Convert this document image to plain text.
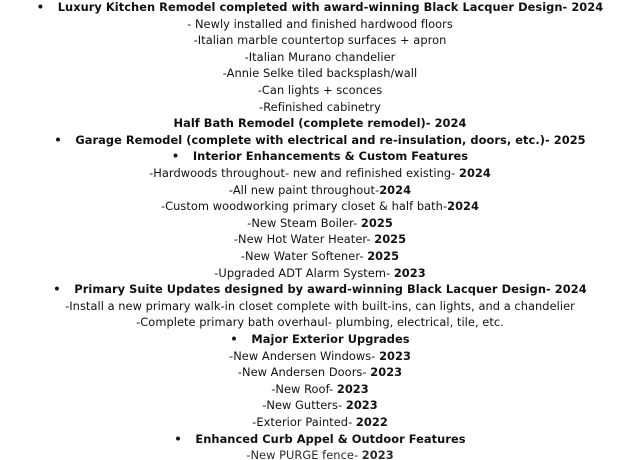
• Luxury Kitchen Remodel completed with award-winning Black Lacquer Design- 2024
- Newly installed and finished hardwood floors
-Italian marble countertop surfaces + apron
-Italian Murano chandelier
-Annie Selke tiled backsplash/wall
-Can lights + sconces
-Refinished cabinetry
Half Bath Remodel (complete remodel)- 2024
• Garage Remodel (complete with electrical and re-insulation, doors, etc.)- 2025
• Interior Enhancements & Custom Features
-Hardwoods throughout- new and refinished existing- 2024
-All new paint throughout-2024
-Custom woodworking primary closet & half bath-2024
-New Steam Boiler- 2025
-New Hot Water Heater- 2025
-New Water Softener- 2025
-Upgraded ADT Alarm System- 2023
• Primary Suite Updates designed by award-winning Black Lacquer Design- 2024
-Install a new primary walk-in closet complete with built-ins, can lights, and a chandelier
-Complete primary bath overhaul- plumbing, electrical, tile, etc.
• Major Exterior Upgrades
-New Andersen Windows- 2023
-New Andersen Doors- 2023
-New Roof- 2023
-New Gutters- 2023
-Exterior Painted- 2022
• Enhanced Curb Appel & Outdoor Features
-New PURGE fence- 2023
